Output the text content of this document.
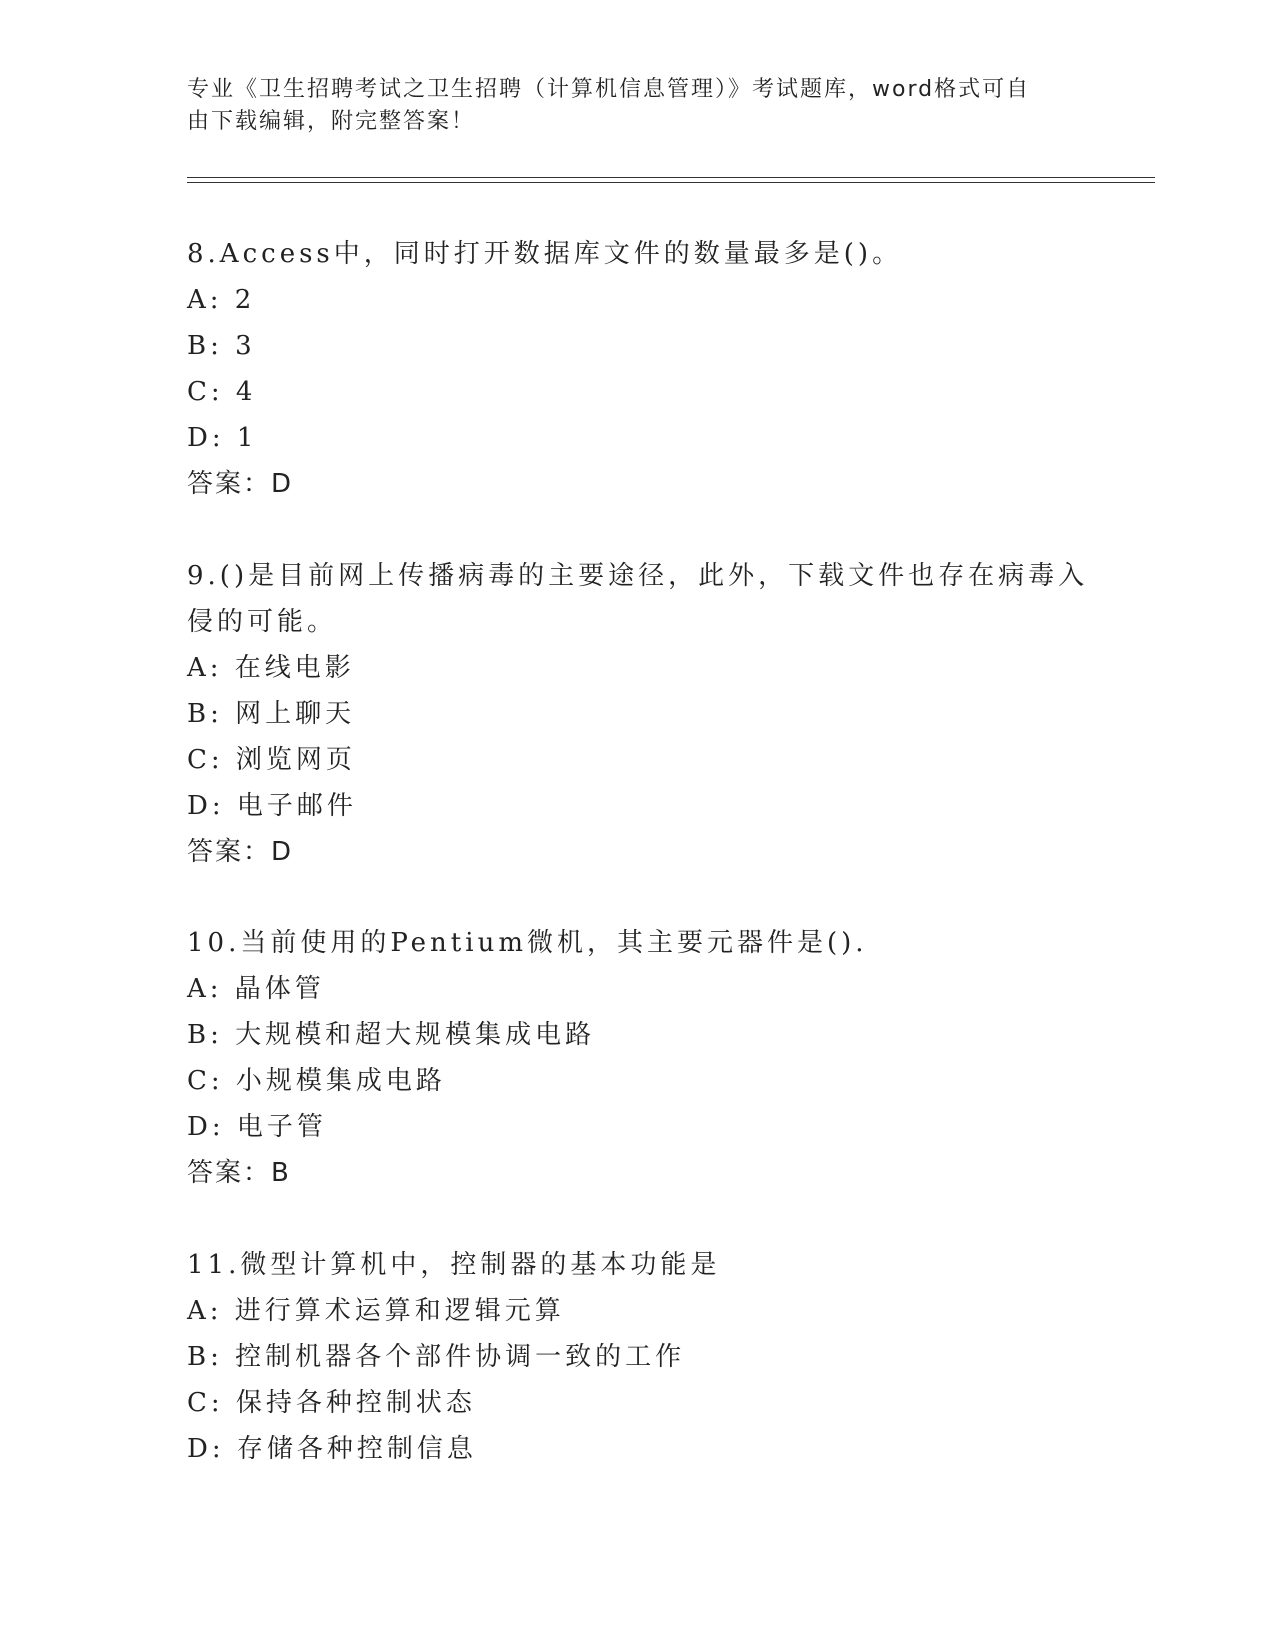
专业《卫生招聘考试之卫生招聘（计算机信息管理）》考试题库，word格式可自
由下载编辑，附完整答案！
8.Access中，同时打开数据库文件的数量最多是()。
A: 2
B: 3
C: 4
D: 1
答案：D
9.()是目前网上传播病毒的主要途径，此外，下载文件也存在病毒入
侵的可能。
A: 在线电影
B: 网上聊天
C: 浏览网页
D: 电子邮件
答案：D
10.当前使用的Pentium微机，其主要元器件是().
A: 晶体管
B: 大规模和超大规模集成电路
C: 小规模集成电路
D: 电子管
答案：B
11.微型计算机中，控制器的基本功能是
A: 进行算术运算和逻辑元算
B: 控制机器各个部件协调一致的工作
C: 保持各种控制状态
D: 存储各种控制信息
